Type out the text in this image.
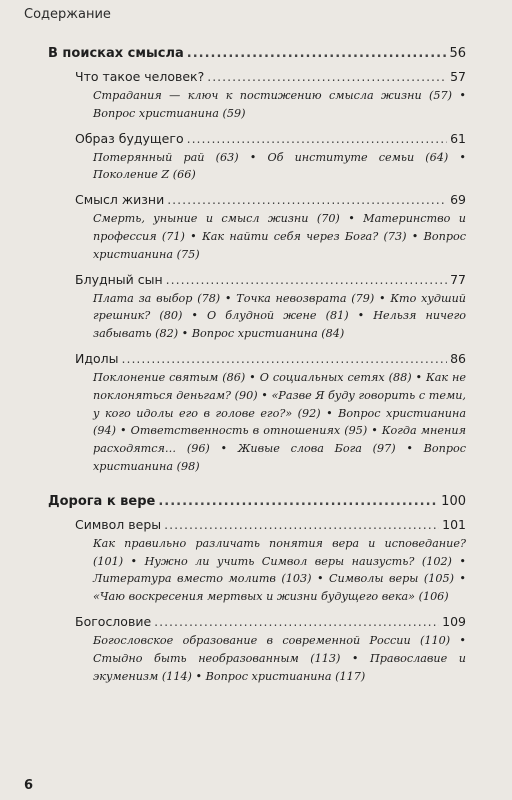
Содержание
В поисках смысла .....	56
Что такое человек? .....	57
Страдания — ключ к постижению смысла жизни (57) • Вопрос христианина (59)
Образ будущего .....	61
Потерянный рай (63) • Об институте семьи (64) • Поколение Z (66)
Смысл жизни .....	69
Смерть, уныние и смысл жизни (70) • Материнство и профессия (71) • Как найти себя через Бога? (73) • Вопрос христианина (75)
Блудный сын .....	77
Плата за выбор (78) • Точка невозврата (79) • Кто худший грешник? (80) • О блудной жене (81) • Нельзя ничего забывать (82) • Вопрос христианина (84)
Идолы .....	86
Поклонение святым (86) • О социальных сетях (88) • Как не поклоняться деньгам? (90) • «Разве Я буду говорить с теми, у кого идолы его в голове его?» (92) • Вопрос христианина (94) • Ответственность в отношениях (95) • Когда мнения расходятся… (96) • Живые слова Бога (97) • Вопрос христианина (98)
Дорога к вере .....	100
Символ веры .....	101
Как правильно различать понятия вера и исповедание? (101) • Нужно ли учить Символ веры наизусть? (102) • Литература вместо молитв (103) • Символы веры (105) • «Чаю воскресения мертвых и жизни будущего века» (106)
Богословие .....	109
Богословское образование в современной России (110) • Стыдно быть необразованным (113) • Православие и экуменизм (114) • Вопрос христианина (117)
6
